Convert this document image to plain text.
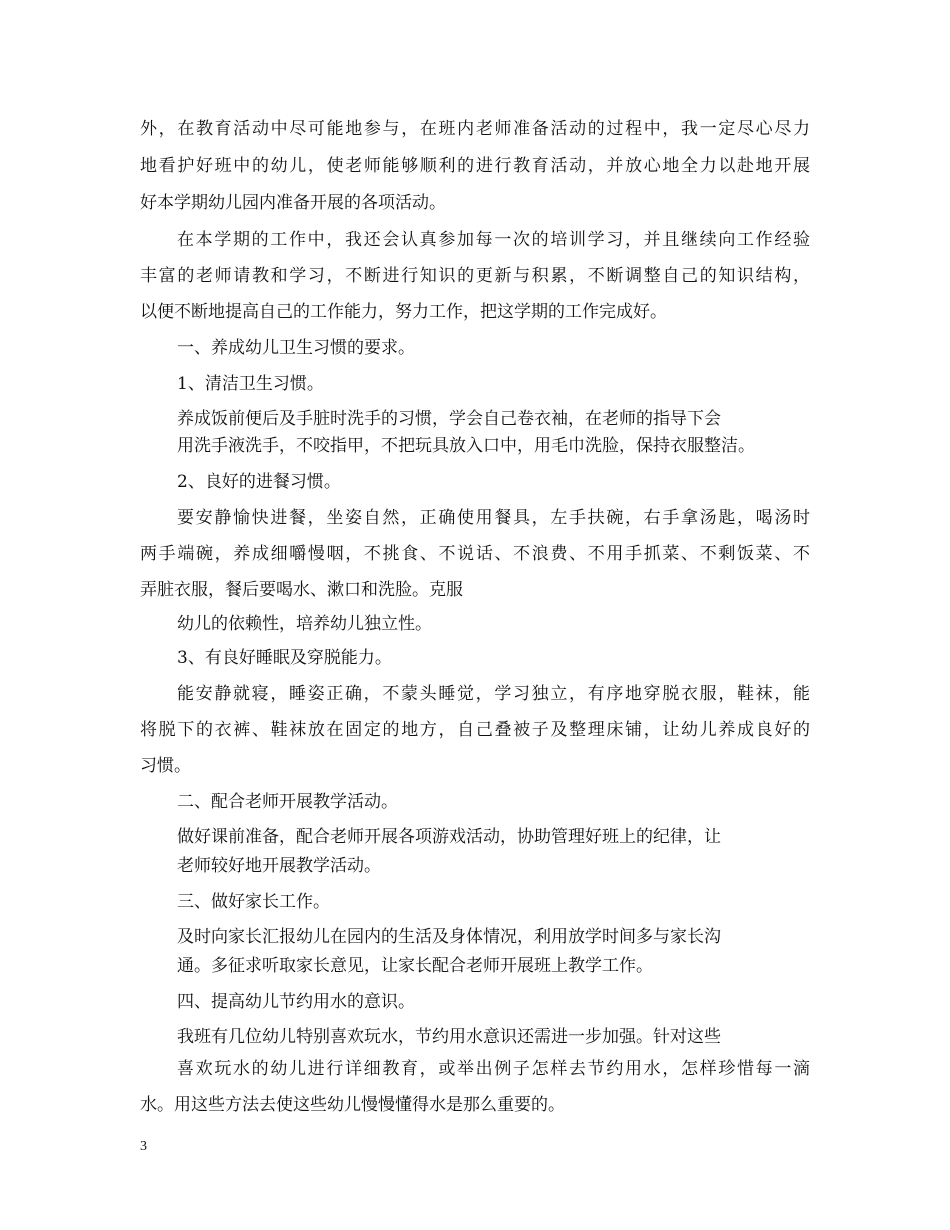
外，在教育活动中尽可能地参与，在班内老师准备活动的过程中，我一定尽心尽力
地看护好班中的幼儿，使老师能够顺利的进行教育活动，并放心地全力以赴地开展
好本学期幼儿园内准备开展的各项活动。
在本学期的工作中，我还会认真参加每一次的培训学习，并且继续向工作经验
丰富的老师请教和学习，不断进行知识的更新与积累，不断调整自己的知识结构，
以便不断地提高自己的工作能力，努力工作，把这学期的工作完成好。
一、养成幼儿卫生习惯的要求。
1、清洁卫生习惯。
养成饭前便后及手脏时洗手的习惯，学会自己卷衣袖，在老师的指导下会
用洗手液洗手，不咬指甲，不把玩具放入口中，用毛巾洗脸，保持衣服整洁。
2、良好的进餐习惯。
要安静愉快进餐，坐姿自然，正确使用餐具，左手扶碗，右手拿汤匙，喝汤时
两手端碗，养成细嚼慢咽，不挑食、不说话、不浪费、不用手抓菜、不剩饭菜、不
弄脏衣服，餐后要喝水、漱口和洗脸。克服
幼儿的依赖性，培养幼儿独立性。
3、有良好睡眠及穿脱能力。
能安静就寝，睡姿正确，不蒙头睡觉，学习独立，有序地穿脱衣服，鞋袜，能
将脱下的衣裤、鞋袜放在固定的地方，自己叠被子及整理床铺，让幼儿养成良好的
习惯。
二、配合老师开展教学活动。
做好课前准备，配合老师开展各项游戏活动，协助管理好班上的纪律，让
老师较好地开展教学活动。
三、做好家长工作。
及时向家长汇报幼儿在园内的生活及身体情况，利用放学时间多与家长沟
通。多征求听取家长意见，让家长配合老师开展班上教学工作。
四、提高幼儿节约用水的意识。
我班有几位幼儿特别喜欢玩水，节约用水意识还需进一步加强。针对这些
喜欢玩水的幼儿进行详细教育，或举出例子怎样去节约用水，怎样珍惜每一滴
水。用这些方法去使这些幼儿慢慢懂得水是那么重要的。
3
